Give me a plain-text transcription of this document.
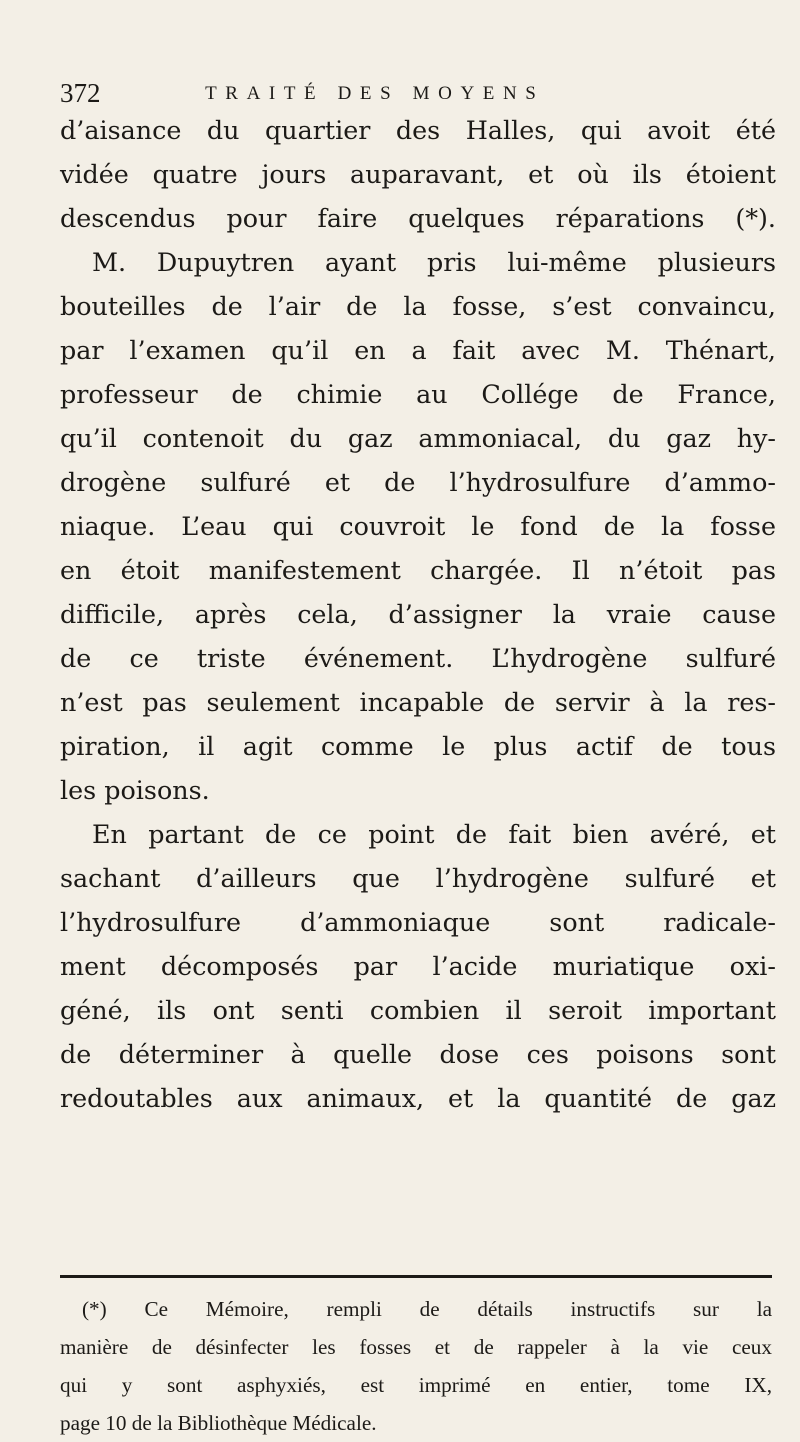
372	TRAITÉ DES MOYENS
d’aisance du quartier des Halles, qui avoit été
vidée quatre jours auparavant, et où ils étoient
descendus pour faire quelques réparations (*).
M. Dupuytren ayant pris lui-même plusieurs
bouteilles de l’air de la fosse, s’est convaincu,
par l’examen qu’il en a fait avec M. Thénart,
professeur de chimie au Collége de France,
qu’il contenoit du gaz ammoniacal, du gaz hy-
drogène sulfuré et de l’hydrosulfure d’ammo-
niaque. L’eau qui couvroit le fond de la fosse
en étoit manifestement chargée. Il n’étoit pas
difficile, après cela, d’assigner la vraie cause
de ce triste événement. L’hydrogène sulfuré
n’est pas seulement incapable de servir à la res-
piration, il agit comme le plus actif de tous
les poisons.
En partant de ce point de fait bien avéré, et
sachant d’ailleurs que l’hydrogène sulfuré et
l’hydrosulfure d’ammoniaque sont radicale-
ment décomposés par l’acide muriatique oxi-
géné, ils ont senti combien il seroit important
de déterminer à quelle dose ces poisons sont
redoutables aux animaux, et la quantité de gaz
(*) Ce Mémoire, rempli de détails instructifs sur la
manière de désinfecter les fosses et de rappeler à la vie ceux
qui y sont asphyxiés, est imprimé en entier, tome IX,
page 10 de la Bibliothèque Médicale.
